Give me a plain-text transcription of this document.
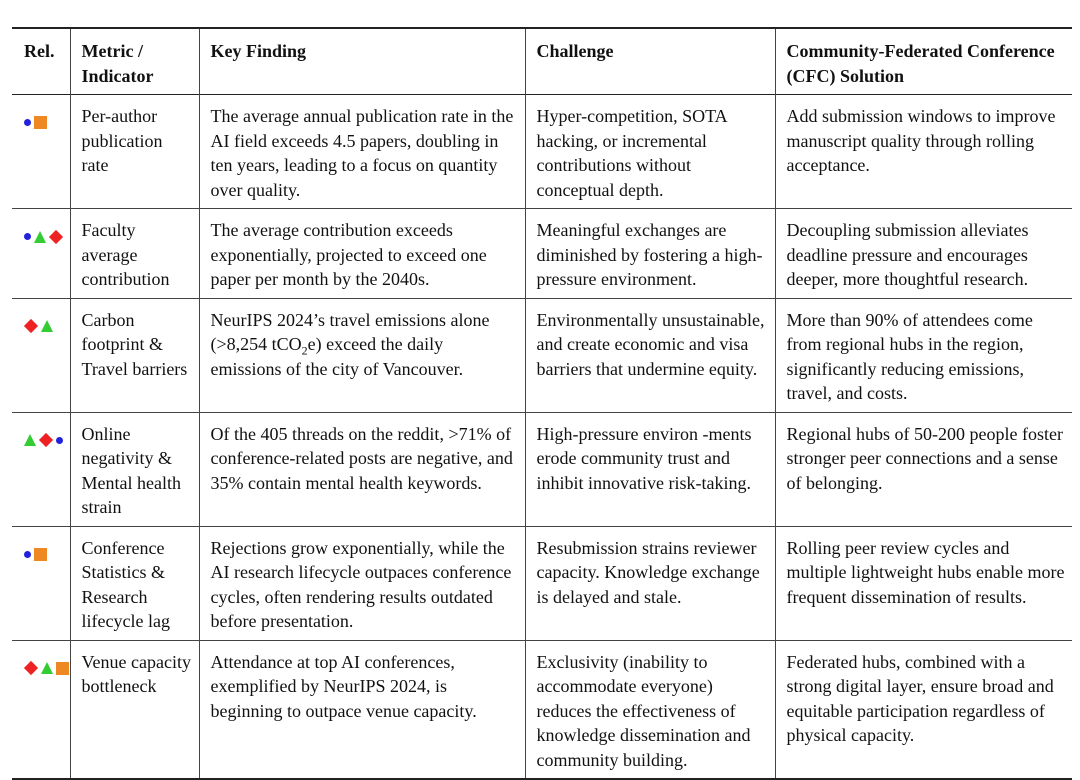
Rel.	Metric / Indicator	Key Finding	Challenge	Community-Federated Conference (CFC) Solution
	Per-author publication rate	The average annual publication rate in the AI field exceeds 4.5 papers, doubling in ten years, leading to a focus on quantity over quality.	Hyper-competition, SOTA hacking, or incremental contributions without conceptual depth.	Add submission windows to improve manuscript quality through rolling acceptance.
	Faculty average contribution	The average contribution exceeds exponentially, projected to exceed one paper per month by the 2040s.	Meaningful exchanges are diminished by fostering a high-pressure environment.	Decoupling submission alleviates deadline pressure and encourages deeper, more thoughtful research.
	Carbon footprint & Travel barriers	NeurIPS 2024’s travel emissions alone (>8,254 tCO$_2$e) exceed the daily emissions of the city of Vancouver.	Environmentally unsustainable, and create economic and visa barriers that undermine equity.	More than 90% of attendees come from regional hubs in the region, significantly reducing emissions, travel, and costs.
	Online negativity & Mental health strain	Of the 405 threads on the reddit, >71% of conference-related posts are negative, and 35% contain mental health keywords.	High-pressure environ -ments erode community trust and inhibit innovative risk-taking.	Regional hubs of 50-200 people foster stronger peer connections and a sense of belonging.
	Conference Statistics & Research lifecycle lag	Rejections grow exponentially, while the AI research lifecycle outpaces conference cycles, often rendering results outdated before presentation.	Resubmission strains reviewer capacity. Knowledge exchange is delayed and stale.	Rolling peer review cycles and multiple lightweight hubs enable more frequent dissemination of results.
	Venue capacity bottleneck	Attendance at top AI conferences, exemplified by NeurIPS 2024, is beginning to outpace venue capacity.	Exclusivity (inability to accommodate everyone) reduces the effectiveness of knowledge dissemination and community building.	Federated hubs, combined with a strong digital layer, ensure broad and equitable participation regardless of physical capacity.
